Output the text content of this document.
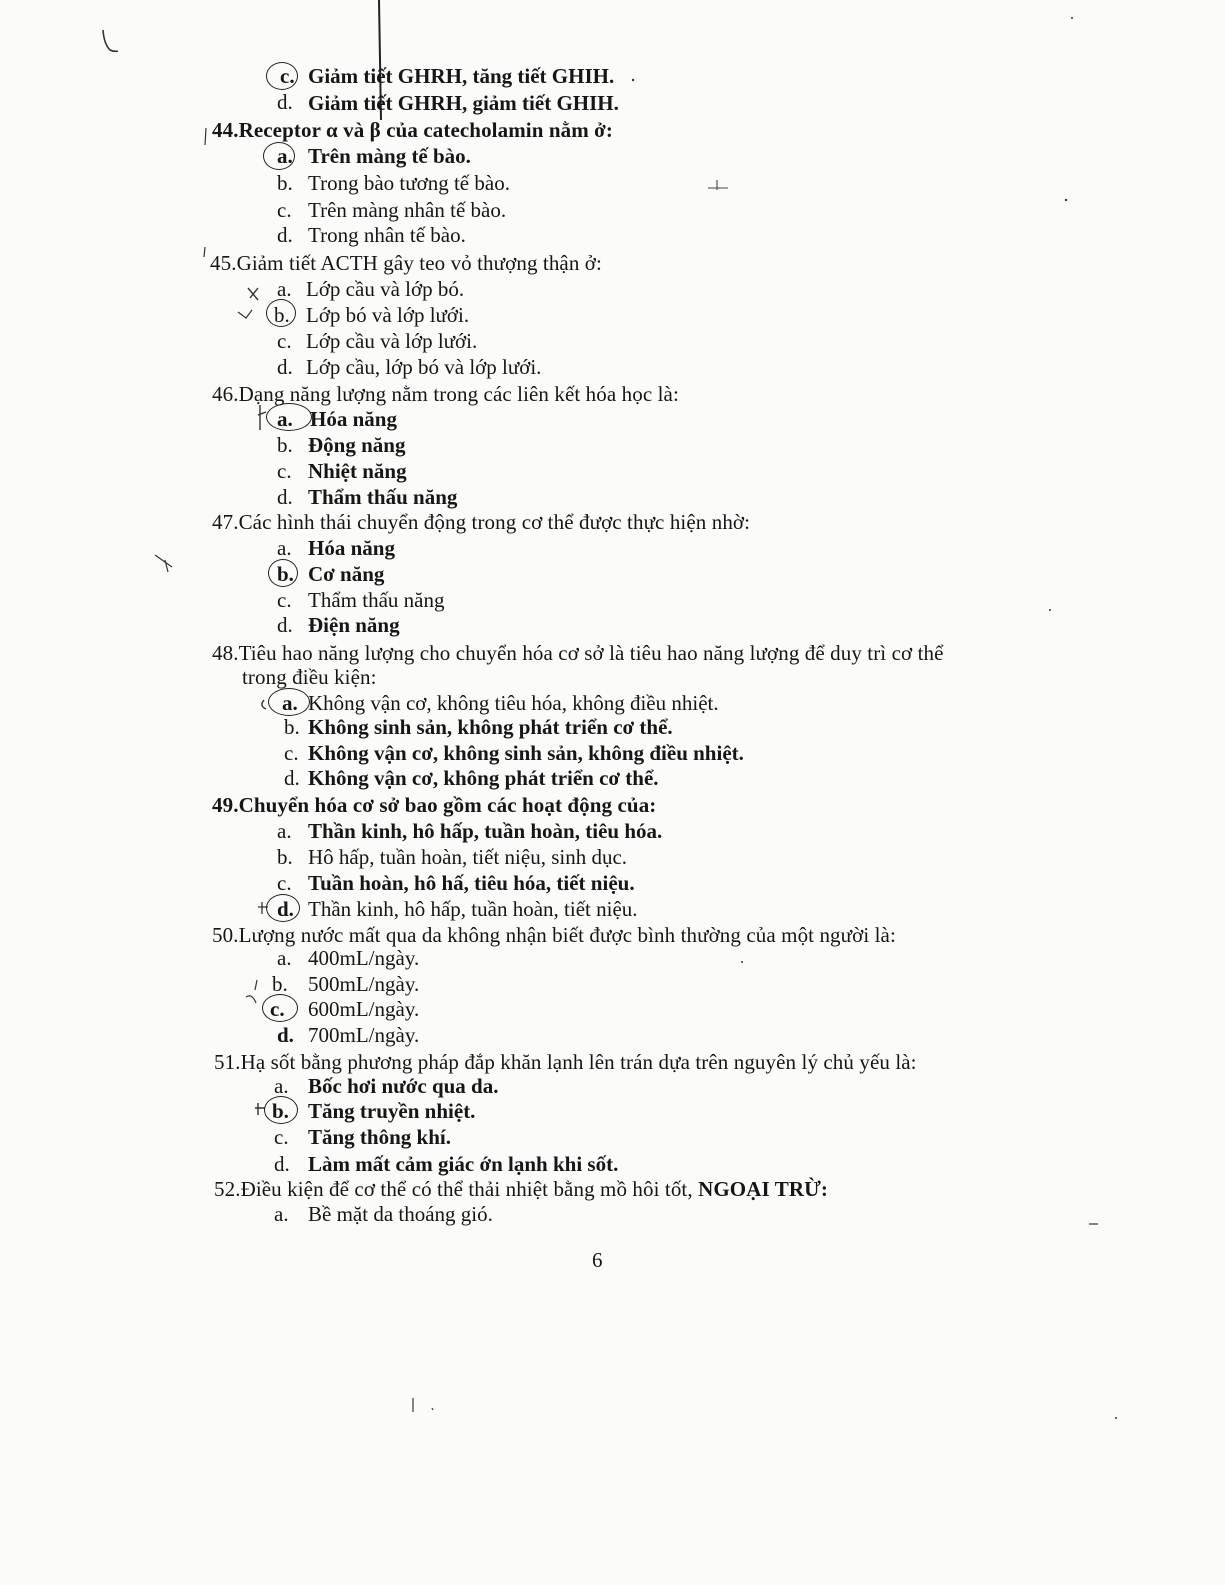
c. Giảm tiết GHRH, tăng tiết GHIH.
d. Giảm tiết GHRH, giảm tiết GHIH.
44.Receptor α và β của catecholamin nằm ở:
a. Trên màng tế bào.
b. Trong bào tương tế bào.
c. Trên màng nhân tế bào.
d. Trong nhân tế bào.
45.Giảm tiết ACTH gây teo vỏ thượng thận ở:
a. Lớp cầu và lớp bó.
b. Lớp bó và lớp lưới.
c. Lớp cầu và lớp lưới.
d. Lớp cầu, lớp bó và lớp lưới.
46.Dạng năng lượng nằm trong các liên kết hóa học là:
a. Hóa năng
b. Động năng
c. Nhiệt năng
d. Thẩm thấu năng
47.Các hình thái chuyển động trong cơ thể được thực hiện nhờ:
a. Hóa năng
b. Cơ năng
c. Thẩm thấu năng
d. Điện năng
48.Tiêu hao năng lượng cho chuyển hóa cơ sở là tiêu hao năng lượng để duy trì cơ thể
trong điều kiện:
a. Không vận cơ, không tiêu hóa, không điều nhiệt.
b. Không sinh sản, không phát triển cơ thể.
c. Không vận cơ, không sinh sản, không điều nhiệt.
d. Không vận cơ, không phát triển cơ thể.
49.Chuyển hóa cơ sở bao gồm các hoạt động của:
a. Thần kinh, hô hấp, tuần hoàn, tiêu hóa.
b. Hô hấp, tuần hoàn, tiết niệu, sinh dục.
c. Tuần hoàn, hô hấ, tiêu hóa, tiết niệu.
d. Thần kinh, hô hấp, tuần hoàn, tiết niệu.
50.Lượng nước mất qua da không nhận biết được bình thường của một người là:
a. 400mL/ngày.
b. 500mL/ngày.
c. 600mL/ngày.
d. 700mL/ngày.
51.Hạ sốt bằng phương pháp đắp khăn lạnh lên trán dựa trên nguyên lý chủ yếu là:
a. Bốc hơi nước qua da.
b. Tăng truyền nhiệt.
c. Tăng thông khí.
d. Làm mất cảm giác ớn lạnh khi sốt.
52.Điều kiện để cơ thể có thể thải nhiệt bằng mồ hôi tốt, NGOẠI TRỪ:
a. Bề mặt da thoáng gió.
6
